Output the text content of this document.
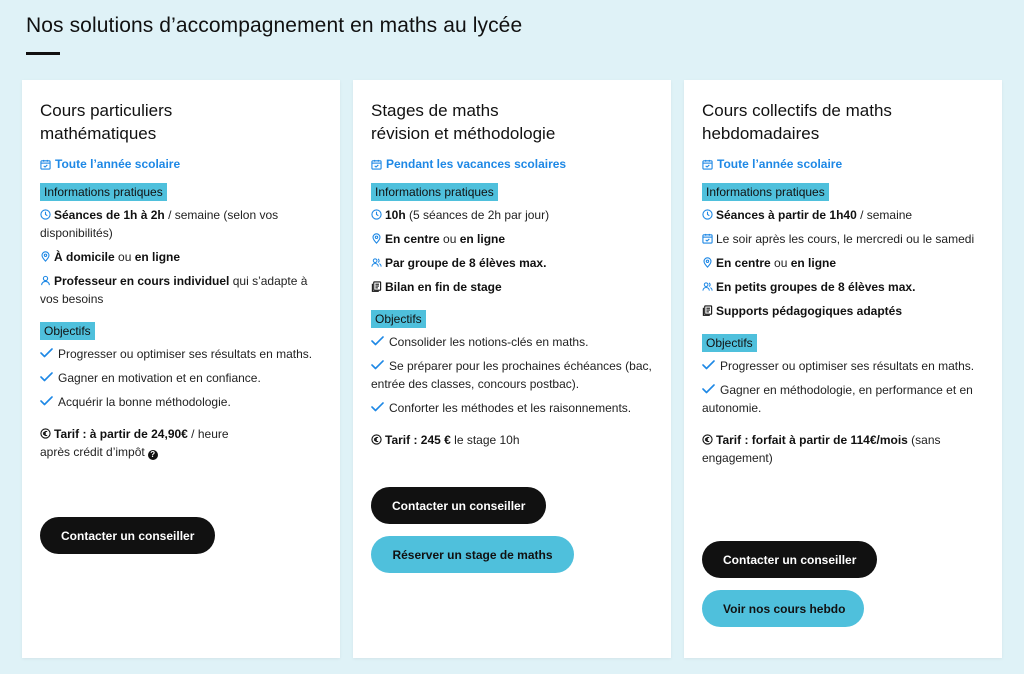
Nos solutions d’accompagnement en maths au lycée
Cours particuliers
mathématiques
Toute l’année scolaire
Informations pratiques
Séances de 1h à 2h / semaine (selon vos disponibilités)
À domicile ou en ligne
Professeur en cours individuel qui s’adapte à vos besoins
Objectifs
Progresser ou optimiser ses résultats en maths.
Gagner en motivation et en confiance.
Acquérir la bonne méthodologie.
Tarif : à partir de 24,90€ / heure
après crédit d’impôt ?
Contacter un conseiller
Stages de maths
révision et méthodologie
Pendant les vacances scolaires
Informations pratiques
10h (5 séances de 2h par jour)
En centre ou en ligne
Par groupe de 8 élèves max.
Bilan en fin de stage
Objectifs
Consolider les notions-clés en maths.
Se préparer pour les prochaines échéances (bac, entrée des classes, concours postbac).
Conforter les méthodes et les raisonnements.
Tarif : 245 € le stage 10h
Contacter un conseiller
Réserver un stage de maths
Cours collectifs de maths
hebdomadaires
Toute l’année scolaire
Informations pratiques
Séances à partir de 1h40 / semaine
Le soir après les cours, le mercredi ou le samedi
En centre ou en ligne
En petits groupes de 8 élèves max.
Supports pédagogiques adaptés
Objectifs
Progresser ou optimiser ses résultats en maths.
Gagner en méthodologie, en performance et en autonomie.
Tarif : forfait à partir de 114€/mois (sans engagement)
Contacter un conseiller
Voir nos cours hebdo
